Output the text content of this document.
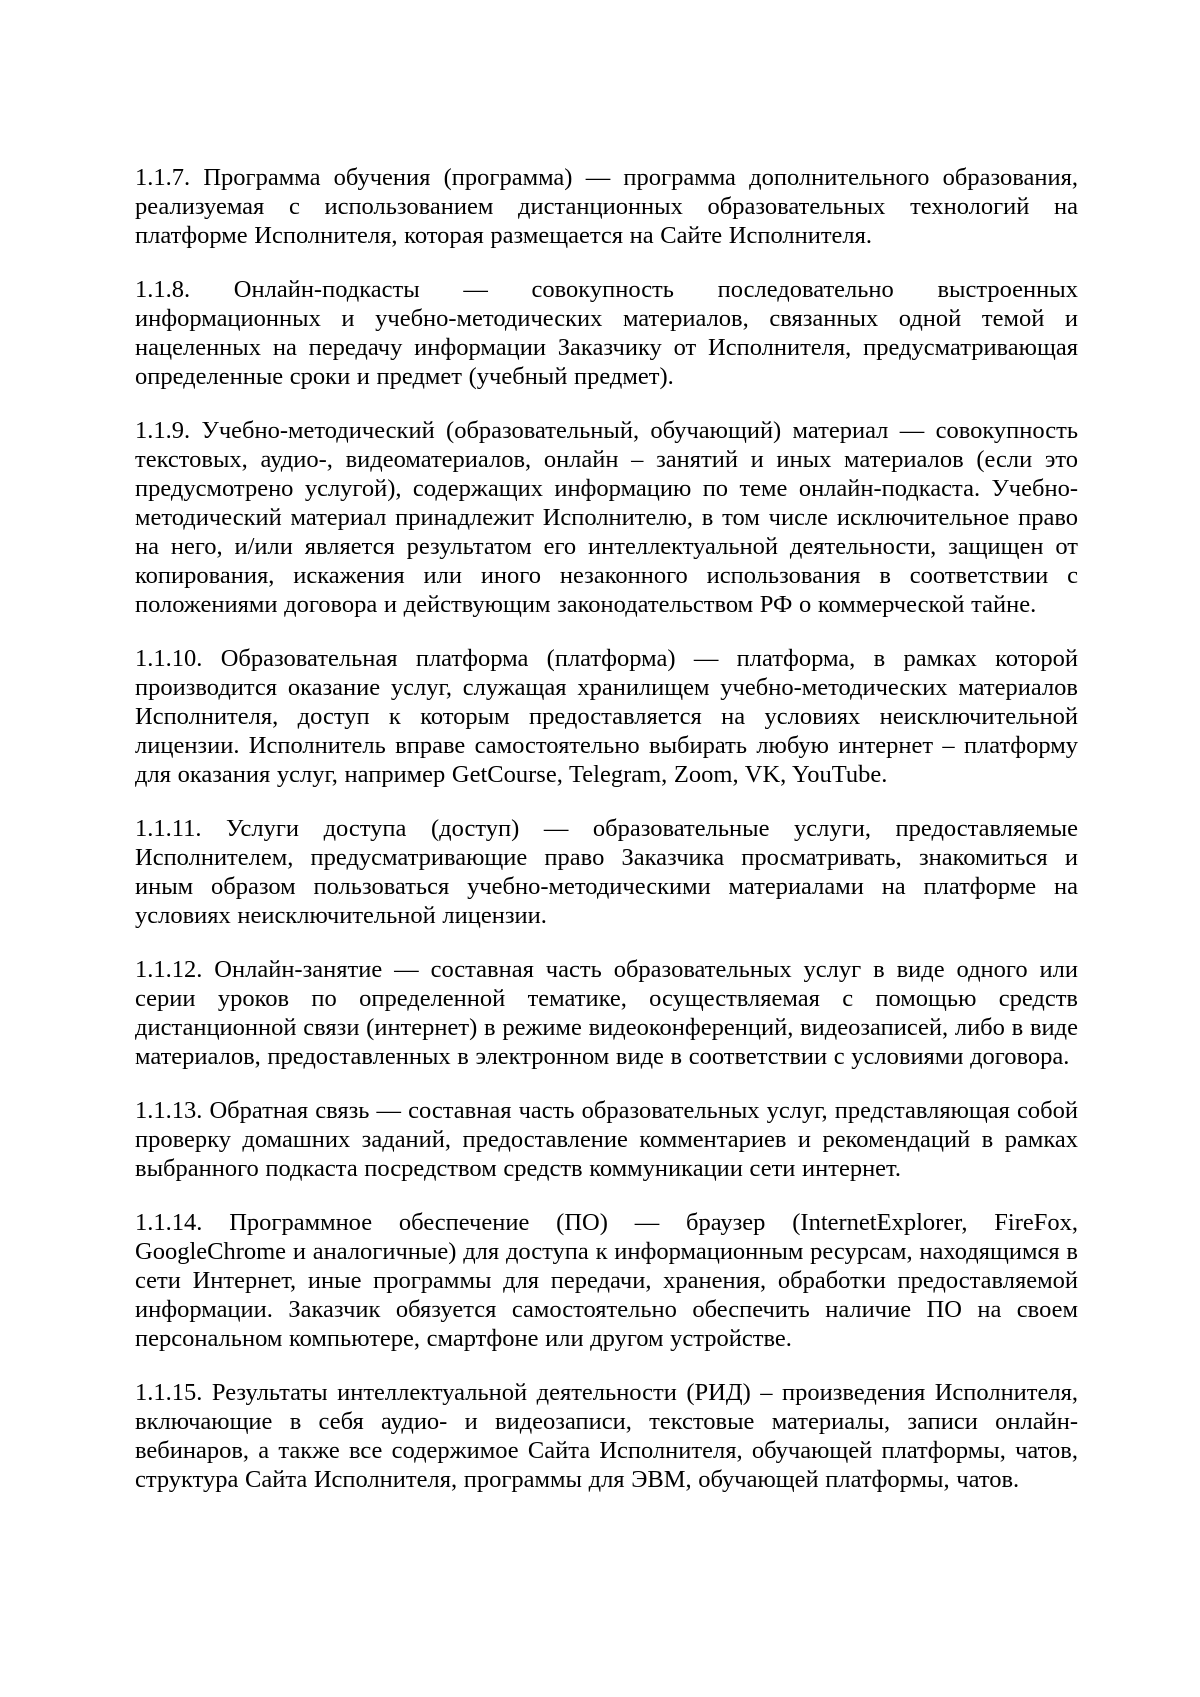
1.1.7. Программа обучения (программа) — программа дополнительного образования, реализуемая с использованием дистанционных образовательных технологий на платформе Исполнителя, которая размещается на Сайте Исполнителя.

1.1.8. Онлайн-подкасты — совокупность последовательно выстроенных информационных и учебно-методических материалов, связанных одной темой и нацеленных на передачу информации Заказчику от Исполнителя, предусматривающая определенные сроки и предмет (учебный предмет).

1.1.9. Учебно-методический (образовательный, обучающий) материал — совокупность текстовых, аудио-, видеоматериалов, онлайн – занятий и иных материалов (если это предусмотрено услугой), содержащих информацию по теме онлайн-подкаста. Учебно-методический материал принадлежит Исполнителю, в том числе исключительное право на него, и/или является результатом его интеллектуальной деятельности, защищен от копирования, искажения или иного незаконного использования в соответствии с положениями договора и действующим законодательством РФ о коммерческой тайне.

1.1.10. Образовательная платформа (платформа) — платформа, в рамках которой производится оказание услуг, служащая хранилищем учебно-методических материалов Исполнителя, доступ к которым предоставляется на условиях неисключительной лицензии. Исполнитель вправе самостоятельно выбирать любую интернет – платформу для оказания услуг, например GetCourse, Telegram, Zoom, VK, YouTube.

1.1.11. Услуги доступа (доступ) — образовательные услуги, предоставляемые Исполнителем, предусматривающие право Заказчика просматривать, знакомиться и иным образом пользоваться учебно-методическими материалами на платформе на условиях неисключительной лицензии.

1.1.12. Онлайн-занятие — составная часть образовательных услуг в виде одного или серии уроков по определенной тематике, осуществляемая с помощью средств дистанционной связи (интернет) в режиме видеоконференций, видеозаписей, либо в виде материалов, предоставленных в электронном виде в соответствии с условиями договора.

1.1.13. Обратная связь — составная часть образовательных услуг, представляющая собой проверку домашних заданий, предоставление комментариев и рекомендаций в рамках выбранного подкаста посредством средств коммуникации сети интернет.

1.1.14. Программное обеспечение (ПО) — браузер (InternetExplorer, FireFox, GoogleChrome и аналогичные) для доступа к информационным ресурсам, находящимся в сети Интернет, иные программы для передачи, хранения, обработки предоставляемой информации. Заказчик обязуется самостоятельно обеспечить наличие ПО на своем персональном компьютере, смартфоне или другом устройстве.

1.1.15. Результаты интеллектуальной деятельности (РИД) – произведения Исполнителя, включающие в себя аудио- и видеозаписи, текстовые материалы, записи онлайн-вебинаров, а также все содержимое Сайта Исполнителя, обучающей платформы, чатов, структура Сайта Исполнителя, программы для ЭВМ, обучающей платформы, чатов.
